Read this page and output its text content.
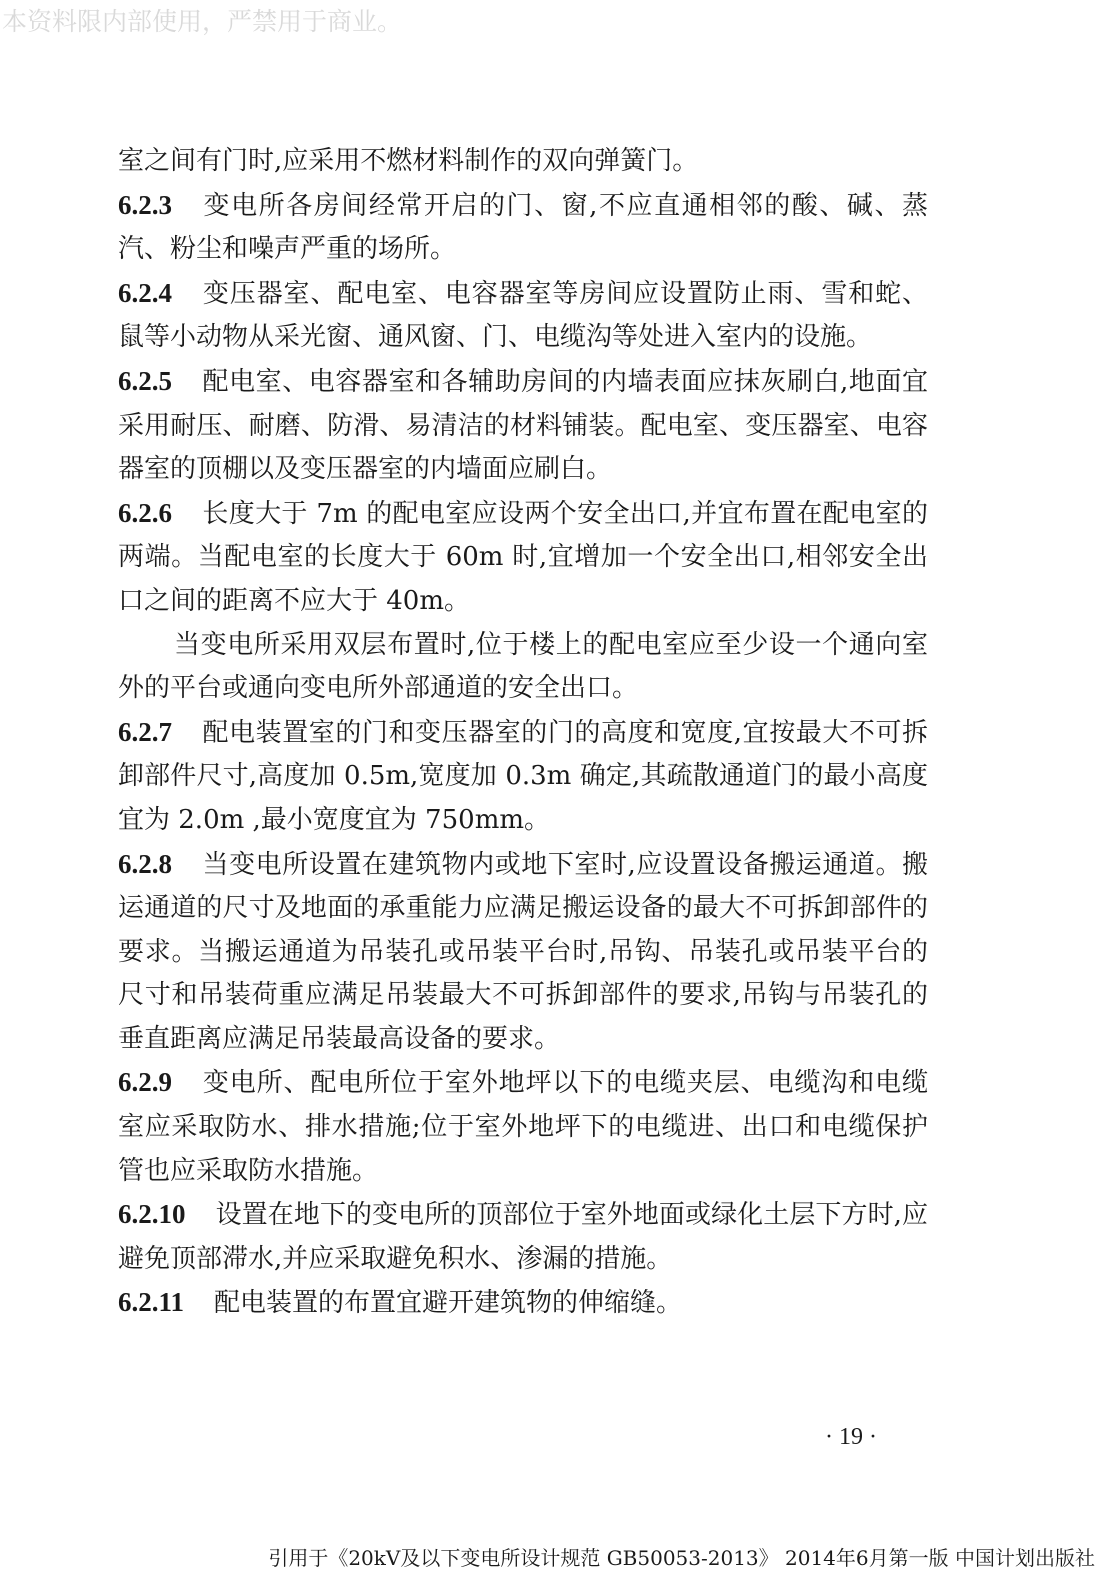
本资料限内部使用，严禁用于商业。

室之间有门时,应采用不燃材料制作的双向弹簧门。

6.2.3 变电所各房间经常开启的门、窗,不应直通相邻的酸、碱、蒸汽、粉尘和噪声严重的场所。

6.2.4 变压器室、配电室、电容器室等房间应设置防止雨、雪和蛇、鼠等小动物从采光窗、通风窗、门、电缆沟等处进入室内的设施。

6.2.5 配电室、电容器室和各辅助房间的内墙表面应抹灰刷白,地面宜采用耐压、耐磨、防滑、易清洁的材料铺装。配电室、变压器室、电容器室的顶棚以及变压器室的内墙面应刷白。

6.2.6 长度大于 7m 的配电室应设两个安全出口,并宜布置在配电室的两端。当配电室的长度大于 60m 时,宜增加一个安全出口,相邻安全出口之间的距离不应大于 40m。

当变电所采用双层布置时,位于楼上的配电室应至少设一个通向室外的平台或通向变电所外部通道的安全出口。

6.2.7 配电装置室的门和变压器室的门的高度和宽度,宜按最大不可拆卸部件尺寸,高度加 0.5m,宽度加 0.3m 确定,其疏散通道门的最小高度宜为 2.0m ,最小宽度宜为 750mm。

6.2.8 当变电所设置在建筑物内或地下室时,应设置设备搬运通道。搬运通道的尺寸及地面的承重能力应满足搬运设备的最大不可拆卸部件的要求。当搬运通道为吊装孔或吊装平台时,吊钩、吊装孔或吊装平台的尺寸和吊装荷重应满足吊装最大不可拆卸部件的要求,吊钩与吊装孔的垂直距离应满足吊装最高设备的要求。

6.2.9 变电所、配电所位于室外地坪以下的电缆夹层、电缆沟和电缆室应采取防水、排水措施;位于室外地坪下的电缆进、出口和电缆保护管也应采取防水措施。

6.2.10 设置在地下的变电所的顶部位于室外地面或绿化土层下方时,应避免顶部滞水,并应采取避免积水、渗漏的措施。

6.2.11 配电装置的布置宜避开建筑物的伸缩缝。

· 19 ·
引用于《20kV及以下变电所设计规范 GB50053-2013》 2014年6月第一版 中国计划出版社
